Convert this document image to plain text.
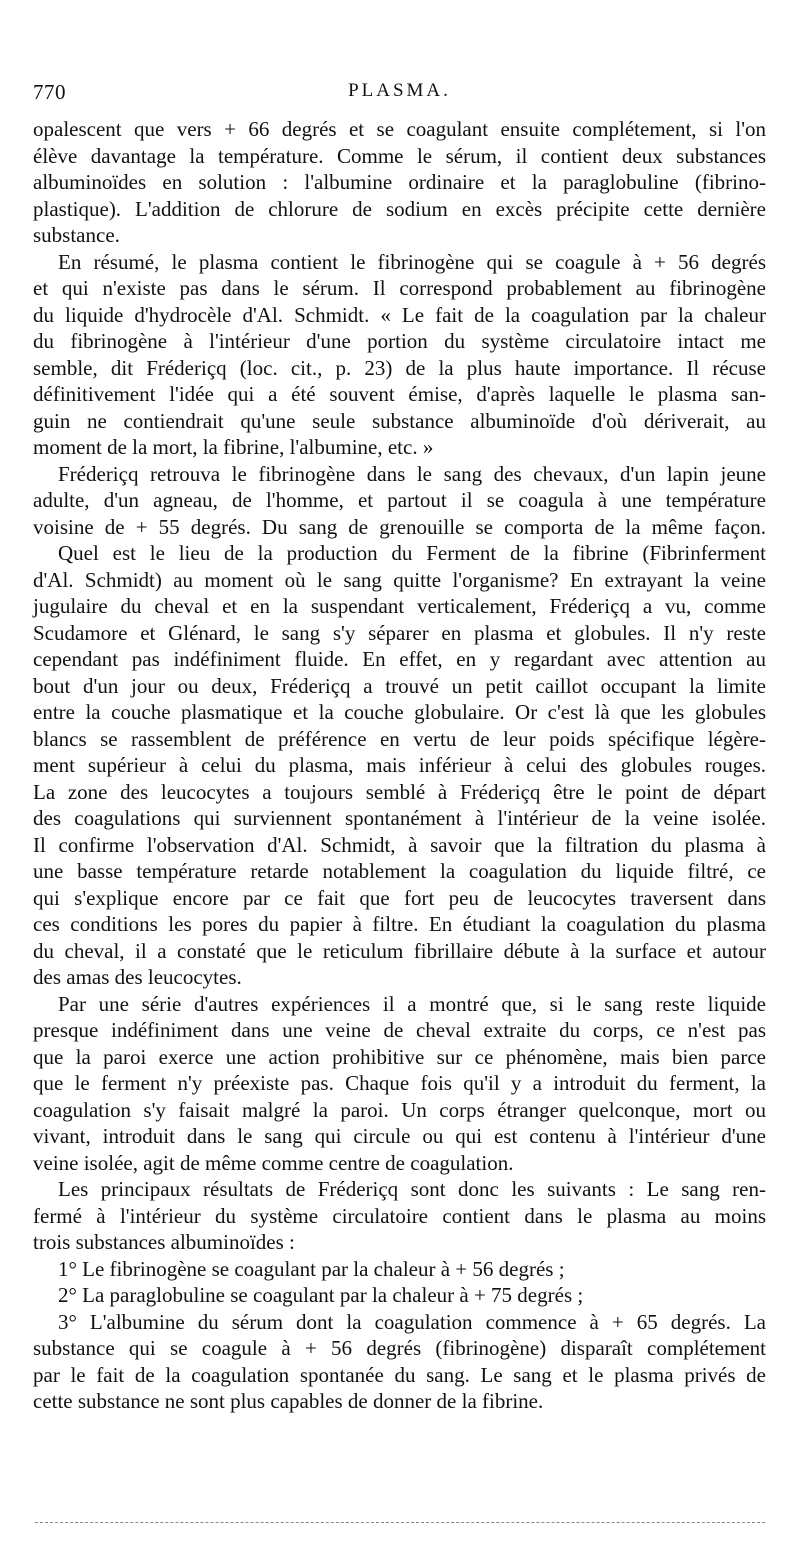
770	PLASMA.
opalescent que vers + 66 degrés et se coagulant ensuite complétement, si l'on
élève davantage la température. Comme le sérum, il contient deux substances
albuminoïdes en solution : l'albumine ordinaire et la paraglobuline (fibrino-
plastique). L'addition de chlorure de sodium en excès précipite cette dernière
substance.
En résumé, le plasma contient le fibrinogène qui se coagule à + 56 degrés
et qui n'existe pas dans le sérum. Il correspond probablement au fibrinogène
du liquide d'hydrocèle d'Al. Schmidt. « Le fait de la coagulation par la chaleur
du fibrinogène à l'intérieur d'une portion du système circulatoire intact me
semble, dit Fréderiçq (loc. cit., p. 23) de la plus haute importance. Il récuse
définitivement l'idée qui a été souvent émise, d'après laquelle le plasma san-
guin ne contiendrait qu'une seule substance albuminoïde d'où dériverait, au
moment de la mort, la fibrine, l'albumine, etc. »
Fréderiçq retrouva le fibrinogène dans le sang des chevaux, d'un lapin jeune
adulte, d'un agneau, de l'homme, et partout il se coagula à une température
voisine de + 55 degrés. Du sang de grenouille se comporta de la même façon.
Quel est le lieu de la production du Ferment de la fibrine (Fibrinferment
d'Al. Schmidt) au moment où le sang quitte l'organisme? En extrayant la veine
jugulaire du cheval et en la suspendant verticalement, Fréderiçq a vu, comme
Scudamore et Glénard, le sang s'y séparer en plasma et globules. Il n'y reste
cependant pas indéfiniment fluide. En effet, en y regardant avec attention au
bout d'un jour ou deux, Fréderiçq a trouvé un petit caillot occupant la limite
entre la couche plasmatique et la couche globulaire. Or c'est là que les globules
blancs se rassemblent de préférence en vertu de leur poids spécifique légère-
ment supérieur à celui du plasma, mais inférieur à celui des globules rouges.
La zone des leucocytes a toujours semblé à Fréderiçq être le point de départ
des coagulations qui surviennent spontanément à l'intérieur de la veine isolée.
Il confirme l'observation d'Al. Schmidt, à savoir que la filtration du plasma à
une basse température retarde notablement la coagulation du liquide filtré, ce
qui s'explique encore par ce fait que fort peu de leucocytes traversent dans
ces conditions les pores du papier à filtre. En étudiant la coagulation du plasma
du cheval, il a constaté que le reticulum fibrillaire débute à la surface et autour
des amas des leucocytes.
Par une série d'autres expériences il a montré que, si le sang reste liquide
presque indéfiniment dans une veine de cheval extraite du corps, ce n'est pas
que la paroi exerce une action prohibitive sur ce phénomène, mais bien parce
que le ferment n'y préexiste pas. Chaque fois qu'il y a introduit du ferment, la
coagulation s'y faisait malgré la paroi. Un corps étranger quelconque, mort ou
vivant, introduit dans le sang qui circule ou qui est contenu à l'intérieur d'une
veine isolée, agit de même comme centre de coagulation.
Les principaux résultats de Fréderiçq sont donc les suivants : Le sang ren-
fermé à l'intérieur du système circulatoire contient dans le plasma au moins
trois substances albuminoïdes :
1° Le fibrinogène se coagulant par la chaleur à + 56 degrés ;
2° La paraglobuline se coagulant par la chaleur à + 75 degrés ;
3° L'albumine du sérum dont la coagulation commence à + 65 degrés. La
substance qui se coagule à + 56 degrés (fibrinogène) disparaît complétement
par le fait de la coagulation spontanée du sang. Le sang et le plasma privés de
cette substance ne sont plus capables de donner de la fibrine.
